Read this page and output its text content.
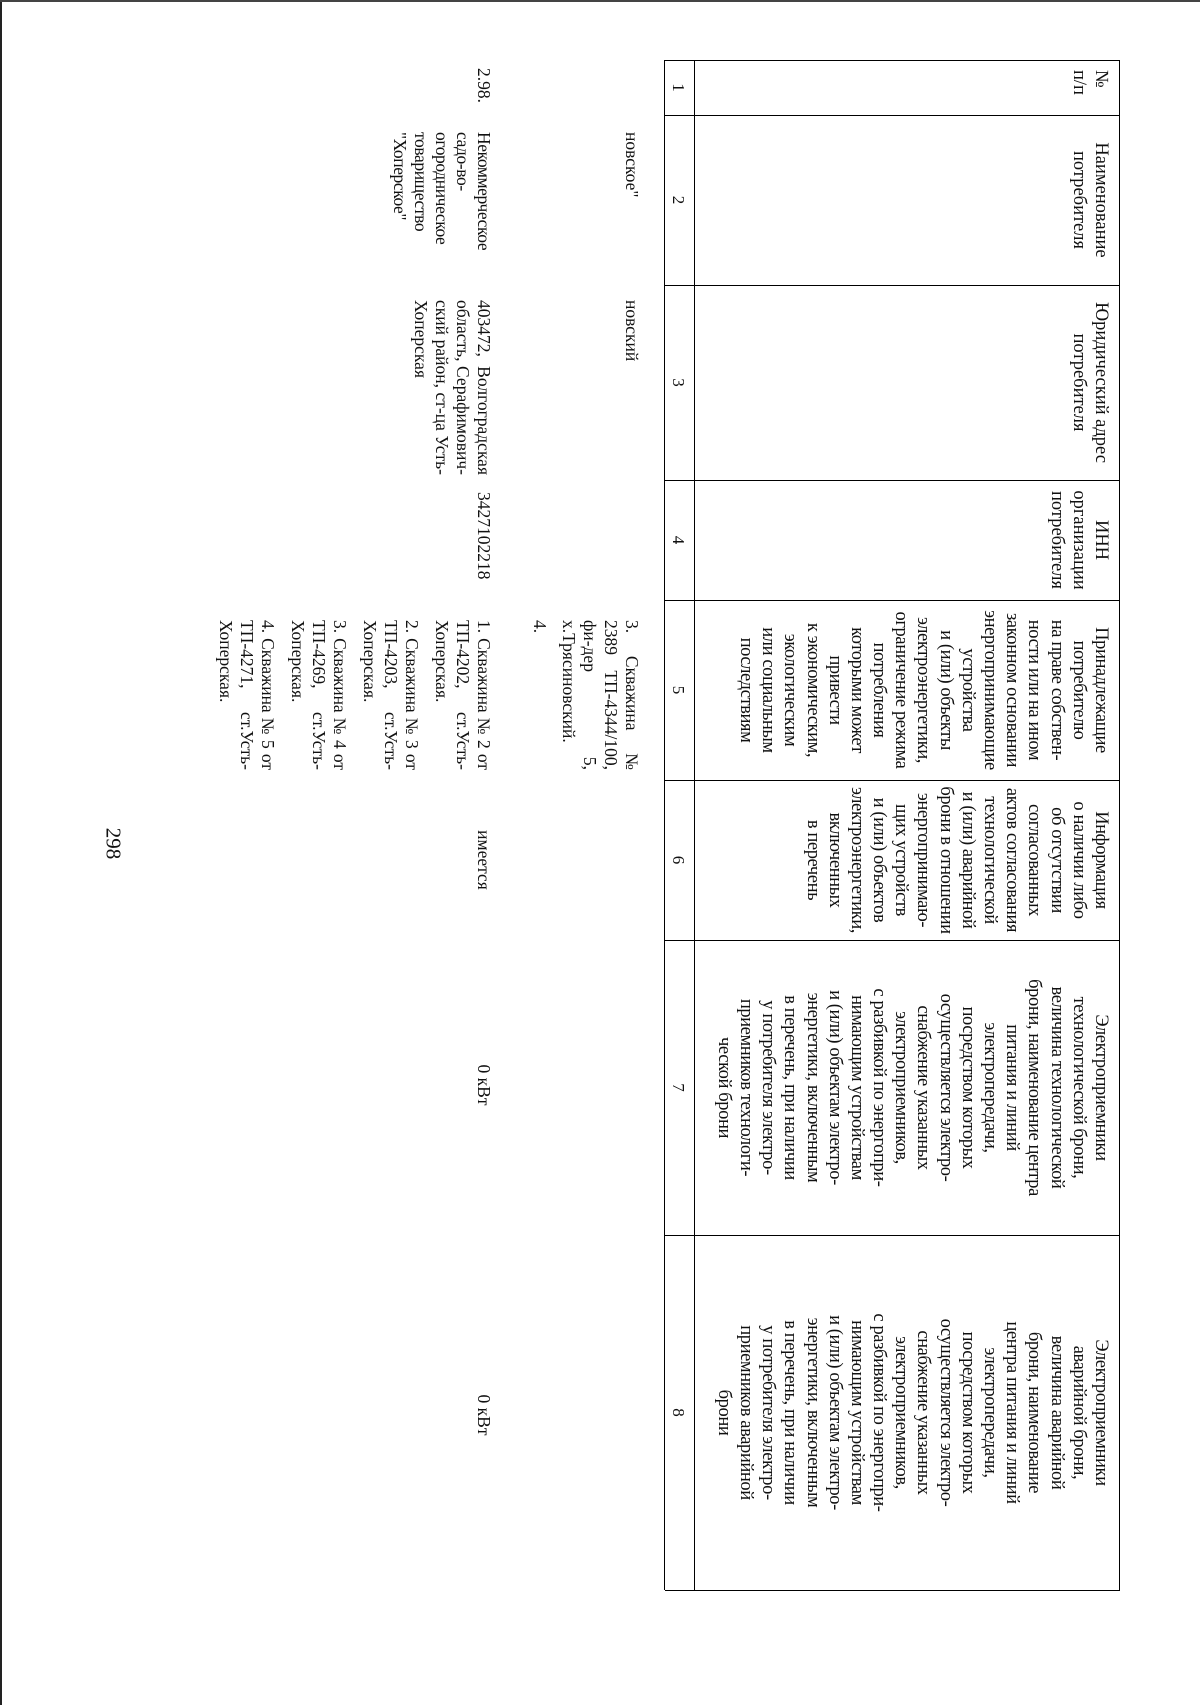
298
№
п/п
Наименование
потребителя
Юридический адрес
потребителя
ИНН
организации
потребителя
Принадлежащие
потребителю
на праве собствен-
ности или на ином
законном основании
энергопринимающие
устройства
и (или) объекты
электроэнергетики,
ограничение режима
потребления
которыми может
привести
к экономическим,
экологическим
или социальным
последствиям
Информация
о наличии либо
об отсутствии
согласованных
актов согласования
технологической
и (или) аварийной
брони в отношении
энергопринимаю-
щих устройств
и (или) объектов
электроэнергетики,
включенных
в перечень
Электроприемники
технологической брони,
величина технологической
брони, наименование центра
питания и линий
электропередачи,
посредством которых
осуществляется электро-
снабжение указанных
электроприемников,
с разбивкой по энергопри-
нимающим устройствам
и (или) объектам электро-
энергетики, включенным
в перечень, при наличии
у потребителя электро-
приемников технологи-
ческой брони
Электроприемники
аварийной брони,
величина аварийной
брони, наименование
центра питания и линий
электропередачи,
посредством которых
осуществляется электро-
снабжение указанных
электроприемников,
с разбивкой по энергопри-
нимающим устройствам
и (или) объектам электро-
энергетики, включенным
в перечень, при наличии
у потребителя электро-
приемников аварийной
брони
1
2
3
4
5
6
7
8
новское"
новский
3. Скважина № 2389 ТП-4344/100, фи-дер 5, х.Трясиновский.
4.
2.98.
Некоммерческое садо-во-огородническое товарищество "Хоперское"
403472, Волгоградская область, Серафимович-ский район, ст-ца Усть-Хоперская
3427102218
1. Скважина № 2 от ТП-4202, ст.Усть-Хоперская.
2. Скважина № 3 от ТП-4203, ст.Усть-Хоперская.
3. Скважина № 4 от ТП-4269, ст.Усть-Хоперская.
4. Скважина № 5 от ТП-4271, ст.Усть-Хоперская.
имеется
0 кВт
0 кВт
